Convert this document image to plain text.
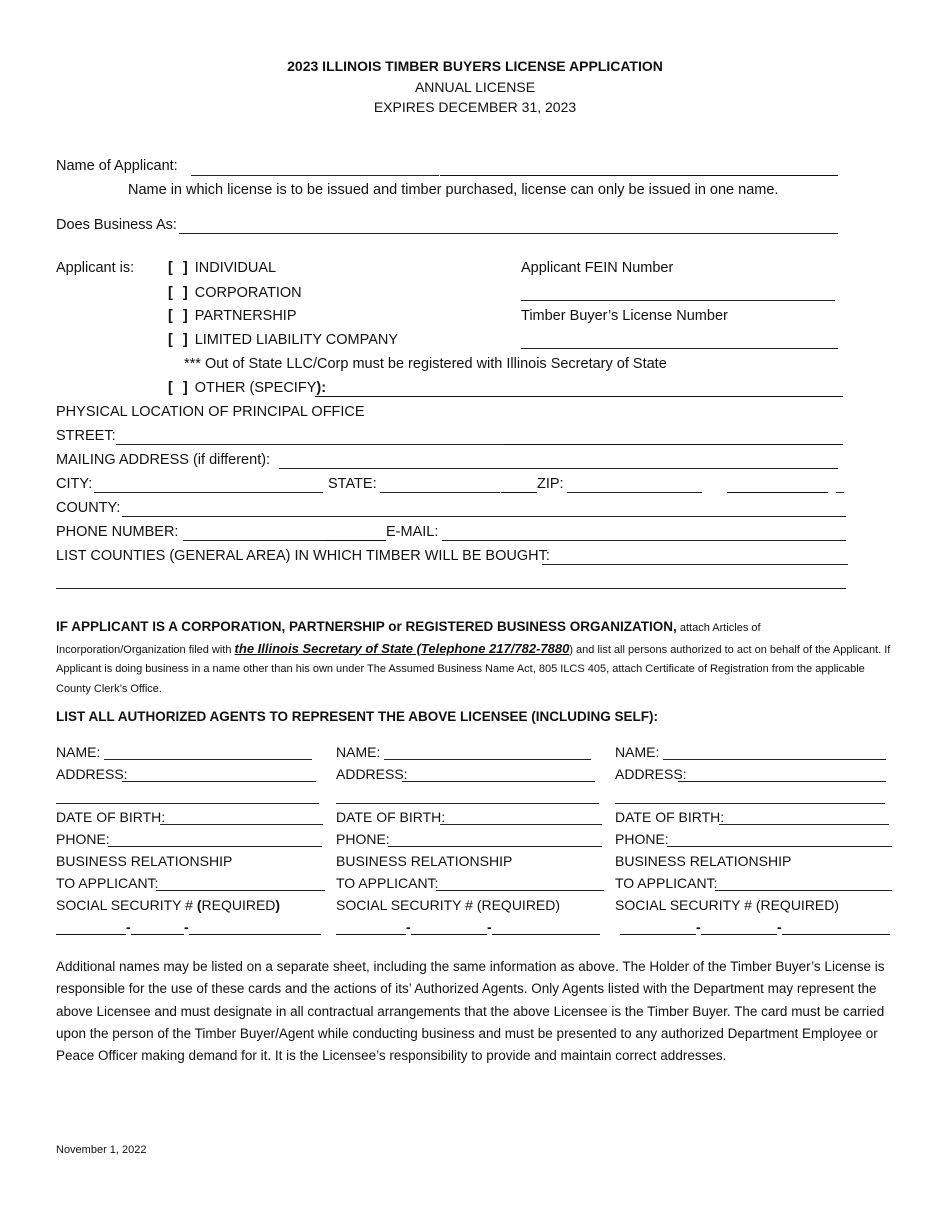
2023 ILLINOIS TIMBER BUYERS LICENSE APPLICATION
ANNUAL LICENSE
EXPIRES DECEMBER 31, 2023
Name of Applicant:
Name in which license is to be issued and timber purchased, license can only be issued in one name.
Does Business As:
Applicant is: [ ] INDIVIDUAL
[ ] CORPORATION
[ ] PARTNERSHIP
[ ] LIMITED LIABILITY COMPANY
*** Out of State LLC/Corp must be registered with Illinois Secretary of State
[ ] OTHER (SPECIFY):
Applicant FEIN Number
Timber Buyer’s License Number
PHYSICAL LOCATION OF PRINCIPAL OFFICE
STREET:
MAILING ADDRESS (if different):
CITY:	STATE:	ZIP:
COUNTY:
PHONE NUMBER:	E-MAIL:
LIST COUNTIES (GENERAL AREA) IN WHICH TIMBER WILL BE BOUGHT:
IF APPLICANT IS A CORPORATION, PARTNERSHIP or REGISTERED BUSINESS ORGANIZATION, attach Articles of Incorporation/Organization filed with the Illinois Secretary of State (Telephone 217/782-7880) and list all persons authorized to act on behalf of the Applicant. If Applicant is doing business in a name other than his own under The Assumed Business Name Act, 805 ILCS 405, attach Certificate of Registration from the applicable County Clerk’s Office.
LIST ALL AUTHORIZED AGENTS TO REPRESENT THE ABOVE LICENSEE (INCLUDING SELF):
NAME:
ADDRESS:
DATE OF BIRTH:
PHONE:
BUSINESS RELATIONSHIP
TO APPLICANT:
SOCIAL SECURITY # (REQUIRED)
-	-
NAME:
ADDRESS:
DATE OF BIRTH:
PHONE:
BUSINESS RELATIONSHIP
TO APPLICANT:
SOCIAL SECURITY # (REQUIRED)
-	-
NAME:
ADDRESS:
DATE OF BIRTH:
PHONE:
BUSINESS RELATIONSHIP
TO APPLICANT:
SOCIAL SECURITY # (REQUIRED)
-	-
Additional names may be listed on a separate sheet, including the same information as above. The Holder of the Timber Buyer’s License is responsible for the use of these cards and the actions of its’ Authorized Agents. Only Agents listed with the Department may represent the above Licensee and must designate in all contractual arrangements that the above Licensee is the Timber Buyer. The card must be carried upon the person of the Timber Buyer/Agent while conducting business and must be presented to any authorized Department Employee or Peace Officer making demand for it. It is the Licensee’s responsibility to provide and maintain correct addresses.
November 1, 2022
